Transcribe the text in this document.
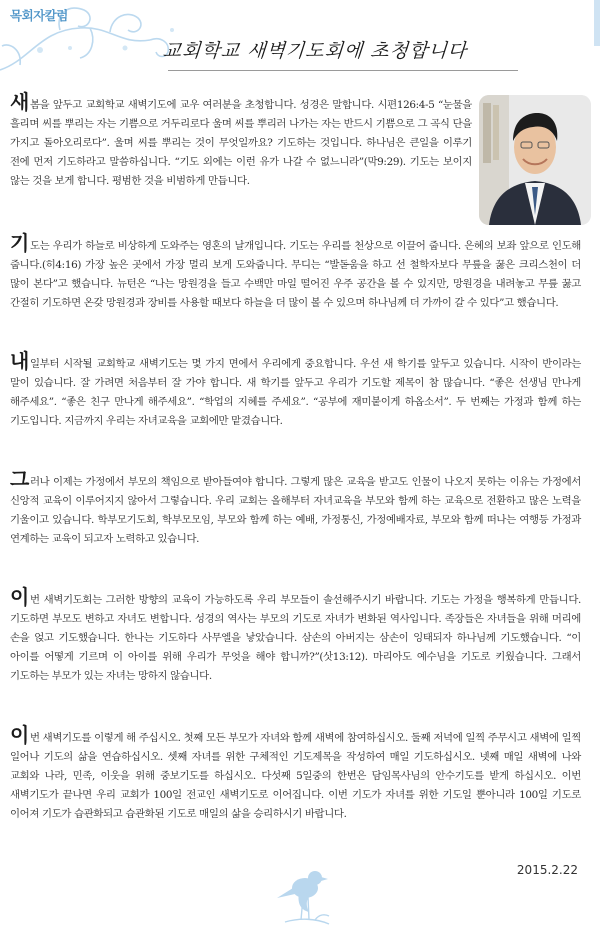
목회자칼럼
교회학교 새벽기도회에 초청합니다
새봄을 앞두고 교회학교 새벽기도에 교우 여러분을 초청합니다. 성경은 말합니다. 시편126:4-5 “눈물을 흘리며 씨를 뿌리는 자는 기쁨으로 거두리로다 울며 씨를 뿌리러 나가는 자는 반드시 기쁨으로 그 곡식 단을 가지고 돌아오리로다”. 울며 씨를 뿌리는 것이 무엇일까요? 기도하는 것입니다. 하나님은 큰일을 이루기 전에 먼저 기도하라고 말씀하십니다. “기도 외에는 이런 유가 나갈 수 없느니라”(막9:29). 기도는 보이지 않는 것을 보게 합니다. 평범한 것을 비범하게 만듭니다.
기도는 우리가 하늘로 비상하게 도와주는 영혼의 날개입니다. 기도는 우리를 천상으로 이끌어 줍니다. 은혜의 보좌 앞으로 인도해 줍니다.(히4:16) 가장 높은 곳에서 가장 멀리 보게 도와줍니다. 무디는 “발돋움을 하고 선 철학자보다 무릎을 꿇은 크리스천이 더 많이 본다”고 했습니다. 뉴턴은 “나는 망원경을 들고 수백만 마일 떨어진 우주 공간을 볼 수 있지만, 망원경을 내려놓고 무릎 꿇고 간절히 기도하면 온갖 망원경과 장비를 사용할 때보다 하늘을 더 많이 볼 수 있으며 하나님께 더 가까이 갈 수 있다”고 했습니다.
내일부터 시작될 교회학교 새벽기도는 몇 가지 면에서 우리에게 중요합니다. 우선 새 학기를 앞두고 있습니다. 시작이 반이라는 말이 있습니다. 잘 가려면 처음부터 잘 가야 합니다. 새 학기를 앞두고 우리가 기도할 제목이 참 많습니다. “좋은 선생님 만나게 해주세요”. “좋은 친구 만나게 해주세요”. “학업의 지혜를 주세요”. “공부에 재미붙이게 하옵소서”. 두 번째는 가정과 함께 하는 기도입니다. 지금까지 우리는 자녀교육을 교회에만 맡겼습니다.
그러나 이제는 가정에서 부모의 책임으로 받아들여야 합니다. 그렇게 많은 교육을 받고도 인물이 나오지 못하는 이유는 가정에서 신앙적 교육이 이루어지지 않아서 그렇습니다. 우리 교회는 올해부터 자녀교육을 부모와 함께 하는 교육으로 전환하고 많은 노력을 기울이고 있습니다. 학부모기도회, 학부모모임, 부모와 함께 하는 예배, 가정통신, 가정예배자료, 부모와 함께 떠나는 여행등 가정과 연계하는 교육이 되고자 노력하고 있습니다.
이번 새벽기도회는 그러한 방향의 교육이 가능하도록 우리 부모들이 솔선해주시기 바랍니다. 기도는 가정을 행복하게 만듭니다. 기도하면 부모도 변하고 자녀도 변합니다. 성경의 역사는 부모의 기도로 자녀가 변화된 역사입니다. 족장들은 자녀들을 위해 머리에 손을 얹고 기도했습니다. 한나는 기도하다 사무엘을 낳았습니다. 삼손의 아버지는 삼손이 잉태되자 하나님께 기도했습니다. “이 아이를 어떻게 기르며 이 아이를 위해 우리가 무엇을 해야 합니까?”(삿13:12). 마리아도 예수님을 기도로 키웠습니다. 그래서 기도하는 부모가 있는 자녀는 망하지 않습니다.
이번 새벽기도를 이렇게 해 주십시오. 첫째 모든 부모가 자녀와 함께 새벽에 참여하십시오. 둘째 저녁에 일찍 주무시고 새벽에 일찍 일어나 기도의 삶을 연습하십시오. 셋째 자녀를 위한 구체적인 기도제목을 작성하여 매일 기도하십시오. 넷째 매일 새벽에 나와 교회와 나라, 민족, 이웃을 위해 중보기도를 하십시오. 다섯째 5일중의 한번은 담임목사님의 안수기도를 받게 하십시오. 이번 새벽기도가 끝나면 우리 교회가 100일 전교인 새벽기도로 이어집니다. 이번 기도가 자녀를 위한 기도일 뿐아니라 100일 기도로 이어져 기도가 습관화되고 습관화된 기도로 매일의 삶을 승리하시기 바랍니다.
2015.2.22
